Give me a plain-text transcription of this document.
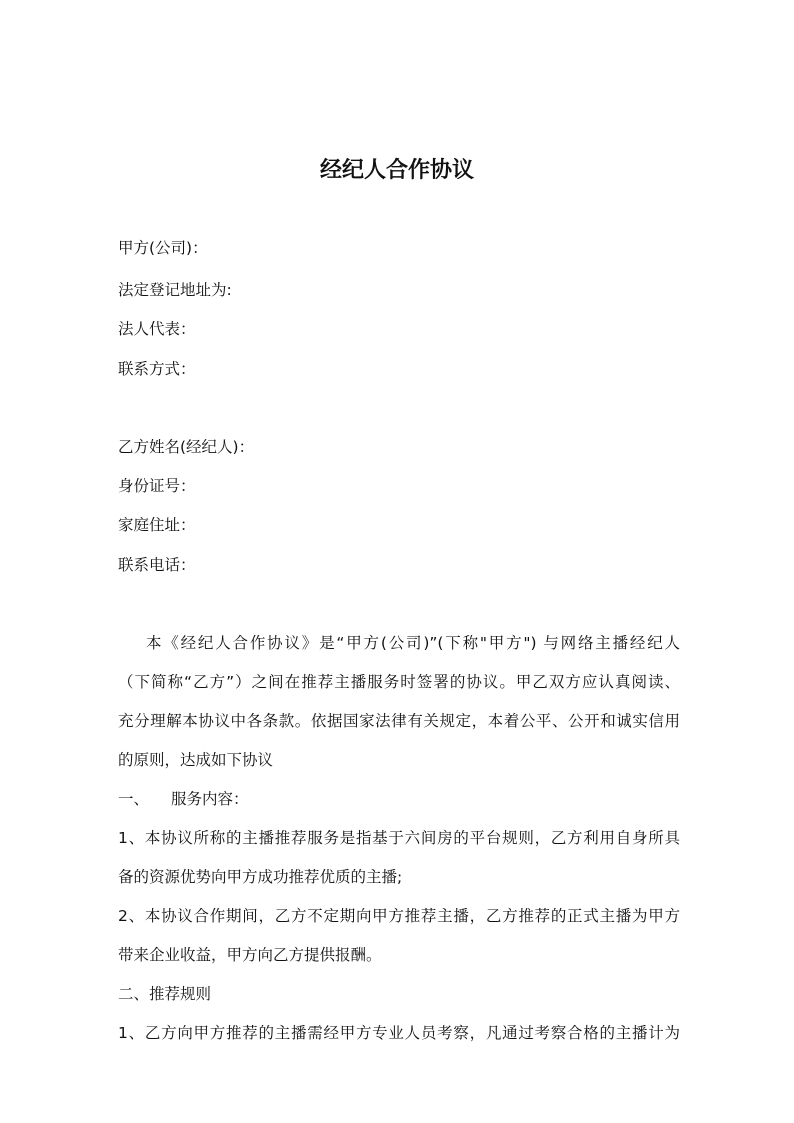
经纪人合作协议
甲方(公司)：
法定登记地址为:
法人代表：
联系方式：
乙方姓名(经纪人)：
身份证号：
家庭住址：
联系电话：
本《经纪人合作协议》是“甲方(公司)”(下称"甲方") 与网络主播经纪人
（下简称“乙方”）之间在推荐主播服务时签署的协议。甲乙双方应认真阅读、
充分理解本协议中各条款。依据国家法律有关规定，本着公平、公开和诚实信用
的原则，达成如下协议
一、 服务内容：
1、本协议所称的主播推荐服务是指基于六间房的平台规则，乙方利用自身所具
备的资源优势向甲方成功推荐优质的主播;
2、本协议合作期间，乙方不定期向甲方推荐主播，乙方推荐的正式主播为甲方
带来企业收益，甲方向乙方提供报酬。
二、推荐规则
1、乙方向甲方推荐的主播需经甲方专业人员考察，凡通过考察合格的主播计为
